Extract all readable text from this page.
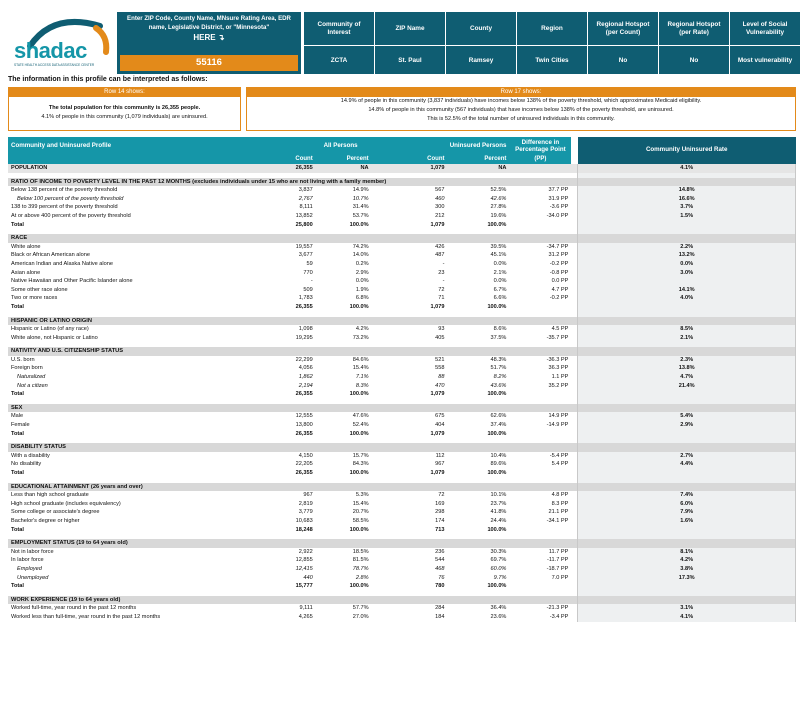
shadac
STATE HEALTH ACCESS DATA ASSISTANCE CENTER
Enter ZIP Code, County Name, MNsure Rating Area, EDR name, Legislative District, or "Minnesota"
HERE ↴
55116
Community of Interest
ZCTA
ZIP Name
St. Paul
County
Ramsey
Region
Twin Cities
Regional Hotspot (per Count)
No
Regional Hotspot (per Rate)
No
Level of Social Vulnerability
Most vulnerability
The information in this profile can be interpreted as follows:
Row 14 shows:

The total population for this community is 26,355 people.

4.1% of people in this community (1,079 individuals) are uninsured.

Row 17 shows:

14.9% of people in this community (3,837 individuals) have incomes below 138% of the poverty threshold, which approximates Medicaid eligibility.

14.8% of people in this community (567 individuals) that have incomes below 138% of the poverty threshold, are uninsured.

This is 52.5% of the total number of uninsured individuals in this community.

Community and Uninsured Profile	All Persons		Uninsured Persons		Difference in Percentage Point		Community Uninsured Rate
	Count	Percent	Count	Percent	(PP)		
POPULATION	26,355	NA	1,079	NA			4.1%

RATIO OF INCOME TO POVERTY LEVEL IN THE PAST 12 MONTHS (excludes individuals under 15 who are not living with a family member)							
Below 138 percent of the poverty threshold	3,837	14.9%	567	52.5%	37.7 PP		14.8%
Below 100 percent of the poverty threshold	2,767	10.7%	460	42.6%	31.9 PP		16.6%
138 to 399 percent of the poverty threshold	8,111	31.4%	300	27.8%	-3.6 PP		3.7%
At or above 400 percent of the poverty threshold	13,852	53.7%	212	19.6%	-34.0 PP		1.5%
Total	25,800	100.0%	1,079	100.0%			

RACE							
White alone	19,557	74.2%	426	39.5%	-34.7 PP		2.2%
Black or African American alone	3,677	14.0%	487	45.1%	31.2 PP		13.2%
American Indian and Alaska Native alone	59	0.2%	-	0.0%	-0.2 PP		0.0%
Asian alone	770	2.9%	23	2.1%	-0.8 PP		3.0%
Native Hawaiian and Other Pacific Islander alone	-	0.0%	-	0.0%	0.0 PP		
Some other race alone	509	1.9%	72	6.7%	4.7 PP		14.1%
Two or more races	1,783	6.8%	71	6.6%	-0.2 PP		4.0%
Total	26,355	100.0%	1,079	100.0%			

HISPANIC OR LATINO ORIGIN							
Hispanic or Latino (of any race)	1,098	4.2%	93	8.6%	4.5 PP		8.5%
White alone, not Hispanic or Latino	19,295	73.2%	405	37.5%	-35.7 PP		2.1%

NATIVITY AND U.S. CITIZENSHIP STATUS							
U.S. born	22,299	84.6%	521	48.3%	-36.3 PP		2.3%
Foreign born	4,056	15.4%	558	51.7%	36.3 PP		13.8%
Naturalized	1,862	7.1%	88	8.2%	1.1 PP		4.7%
Not a citizen	2,194	8.3%	470	43.6%	35.2 PP		21.4%
Total	26,355	100.0%	1,079	100.0%			

SEX							
Male	12,555	47.6%	675	62.6%	14.9 PP		5.4%
Female	13,800	52.4%	404	37.4%	-14.9 PP		2.9%
Total	26,355	100.0%	1,079	100.0%			

DISABILITY STATUS							
With a disability	4,150	15.7%	112	10.4%	-5.4 PP		2.7%
No disability	22,205	84.3%	967	89.6%	5.4 PP		4.4%
Total	26,355	100.0%	1,079	100.0%			

EDUCATIONAL ATTAINMENT (26 years and over)							
Less than high school graduate	967	5.3%	72	10.1%	4.8 PP		7.4%
High school graduate (includes equivalency)	2,819	15.4%	169	23.7%	8.3 PP		6.0%
Some college or associate's degree	3,779	20.7%	298	41.8%	21.1 PP		7.9%
Bachelor's degree or higher	10,683	58.5%	174	24.4%	-34.1 PP		1.6%
Total	18,248	100.0%	713	100.0%			

EMPLOYMENT STATUS (19 to 64 years old)							
Not in labor force	2,922	18.5%	236	30.3%	11.7 PP		8.1%
In labor force	12,855	81.5%	544	69.7%	-11.7 PP		4.2%
Employed	12,415	78.7%	468	60.0%	-18.7 PP		3.8%
Unemployed	440	2.8%	76	9.7%	7.0 PP		17.3%
Total	15,777	100.0%	780	100.0%			

WORK EXPERIENCE (19 to 64 years old)							
Worked full-time, year round in the past 12 months	9,111	57.7%	284	36.4%	-21.3 PP		3.1%
Worked less than full-time, year round in the past 12 months	4,265	27.0%	184	23.6%	-3.4 PP		4.1%
